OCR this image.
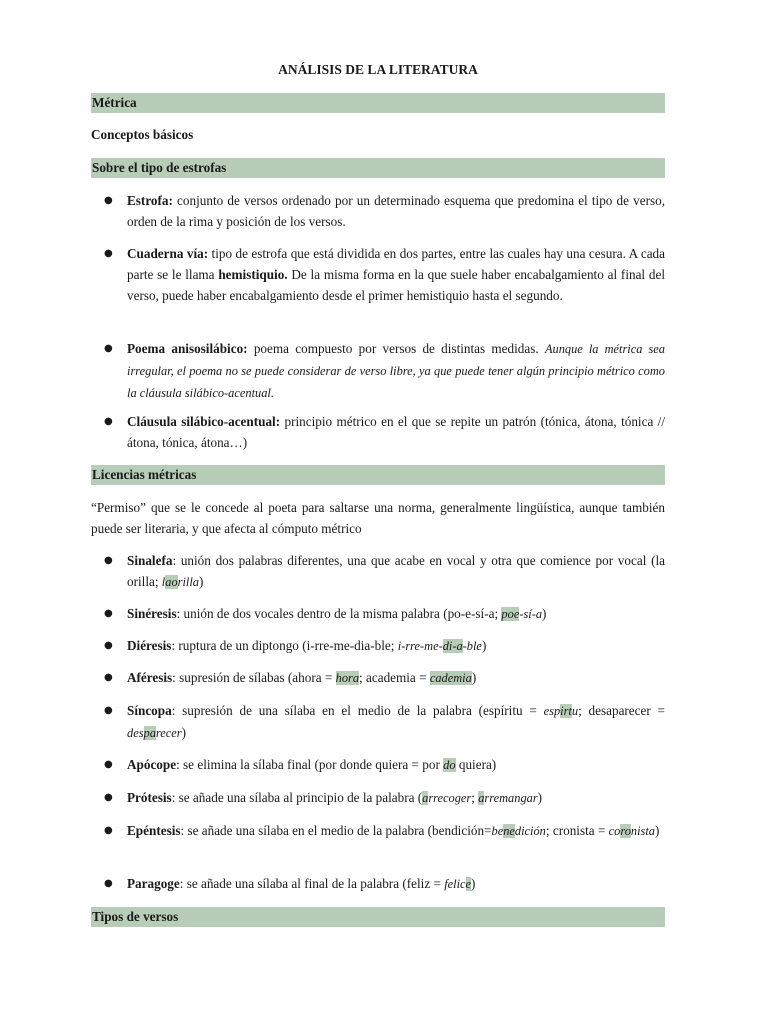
ANÁLISIS DE LA LITERATURA
Métrica
Conceptos básicos
Sobre el tipo de estrofas
● Estrofa: conjunto de versos ordenado por un determinado esquema que predomina el tipo de verso, orden de la rima y posición de los versos.
● Cuaderna vía: tipo de estrofa que está dividida en dos partes, entre las cuales hay una cesura. A cada parte se le llama hemistiquio. De la misma forma en la que suele haber encabalgamiento al final del verso, puede haber encabalgamiento desde el primer hemistiquio hasta el segundo.
● Poema anisosilábico: poema compuesto por versos de distintas medidas. Aunque la métrica sea irregular, el poema no se puede considerar de verso libre, ya que puede tener algún principio métrico como la cláusula silábico-acentual.
● Cláusula silábico-acentual: principio métrico en el que se repite un patrón (tónica, átona, tónica // átona, tónica, átona…)
Licencias métricas
“Permiso” que se le concede al poeta para saltarse una norma, generalmente lingüística, aunque también puede ser literaria, y que afecta al cómputo métrico
● Sinalefa: unión dos palabras diferentes, una que acabe en vocal y otra que comience por vocal (la orilla; laorilla)
● Sinéresis: unión de dos vocales dentro de la misma palabra (po-e-sí-a; poe-sí-a)
● Diéresis: ruptura de un diptongo (i-rre-me-dia-ble; i-rre-me-di-a-ble)
● Aféresis: supresión de sílabas (ahora = hora; academia = cademia)
● Síncopa: supresión de una sílaba en el medio de la palabra (espíritu = espirtu; desaparecer = desparecer)
● Apócope: se elimina la sílaba final (por donde quiera = por do quiera)
● Prótesis: se añade una sílaba al principio de la palabra (arrecoger; arremangar)
● Epéntesis: se añade una sílaba en el medio de la palabra (bendición=benedición; cronista = coronista)
● Paragoge: se añade una sílaba al final de la palabra (feliz = felice)
Tipos de versos
